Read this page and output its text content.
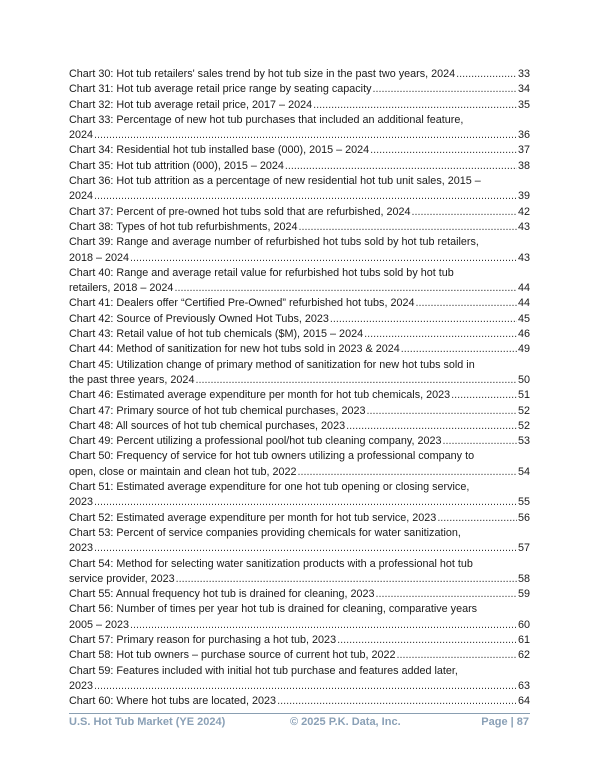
Chart 30: Hot tub retailers' sales trend by hot tub size in the past two years, 2024 .....	33
Chart 31: Hot tub average retail price range by seating capacity .....	34
Chart 32: Hot tub average retail price, 2017 – 2024 .....	35
Chart 33: Percentage of new hot tub purchases that included an additional feature,
2024 .....	36
Chart 34: Residential hot tub installed base (000), 2015 – 2024 .....	37
Chart 35: Hot tub attrition (000), 2015 – 2024 .....	38
Chart 36: Hot tub attrition as a percentage of new residential hot tub unit sales, 2015 –
2024 .....	39
Chart 37: Percent of pre-owned hot tubs sold that are refurbished, 2024 .....	42
Chart 38: Types of hot tub refurbishments, 2024 .....	43
Chart 39: Range and average number of refurbished hot tubs sold by hot tub retailers,
2018 – 2024 .....	43
Chart 40: Range and average retail value for refurbished hot tubs sold by hot tub
retailers, 2018 – 2024 .....	44
Chart 41: Dealers offer “Certified Pre-Owned” refurbished hot tubs, 2024 .....	44
Chart 42: Source of Previously Owned Hot Tubs, 2023 .....	45
Chart 43: Retail value of hot tub chemicals ($M), 2015 – 2024 .....	46
Chart 44: Method of sanitization for new hot tubs sold in 2023 & 2024 .....	49
Chart 45: Utilization change of primary method of sanitization for new hot tubs sold in
the past three years, 2024 .....	50
Chart 46: Estimated average expenditure per month for hot tub chemicals, 2023 .....	51
Chart 47: Primary source of hot tub chemical purchases, 2023 .....	52
Chart 48: All sources of hot tub chemical purchases, 2023 .....	52
Chart 49: Percent utilizing a professional pool/hot tub cleaning company, 2023 .....	53
Chart 50: Frequency of service for hot tub owners utilizing a professional company to
open, close or maintain and clean hot tub, 2022 .....	54
Chart 51: Estimated average expenditure for one hot tub opening or closing service,
2023 .....	55
Chart 52: Estimated average expenditure per month for hot tub service, 2023 .....	56
Chart 53: Percent of service companies providing chemicals for water sanitization,
2023 .....	57
Chart 54: Method for selecting water sanitization products with a professional hot tub
service provider, 2023 .....	58
Chart 55: Annual frequency hot tub is drained for cleaning, 2023 .....	59
Chart 56: Number of times per year hot tub is drained for cleaning, comparative years
2005 – 2023 .....	60
Chart 57: Primary reason for purchasing a hot tub, 2023 .....	61
Chart 58: Hot tub owners – purchase source of current hot tub, 2022 .....	62
Chart 59: Features included with initial hot tub purchase and features added later,
2023 .....	63
Chart 60: Where hot tubs are located, 2023 .....	64
U.S. Hot Tub Market (YE 2024)	© 2025 P.K. Data, Inc.	Page | 87
